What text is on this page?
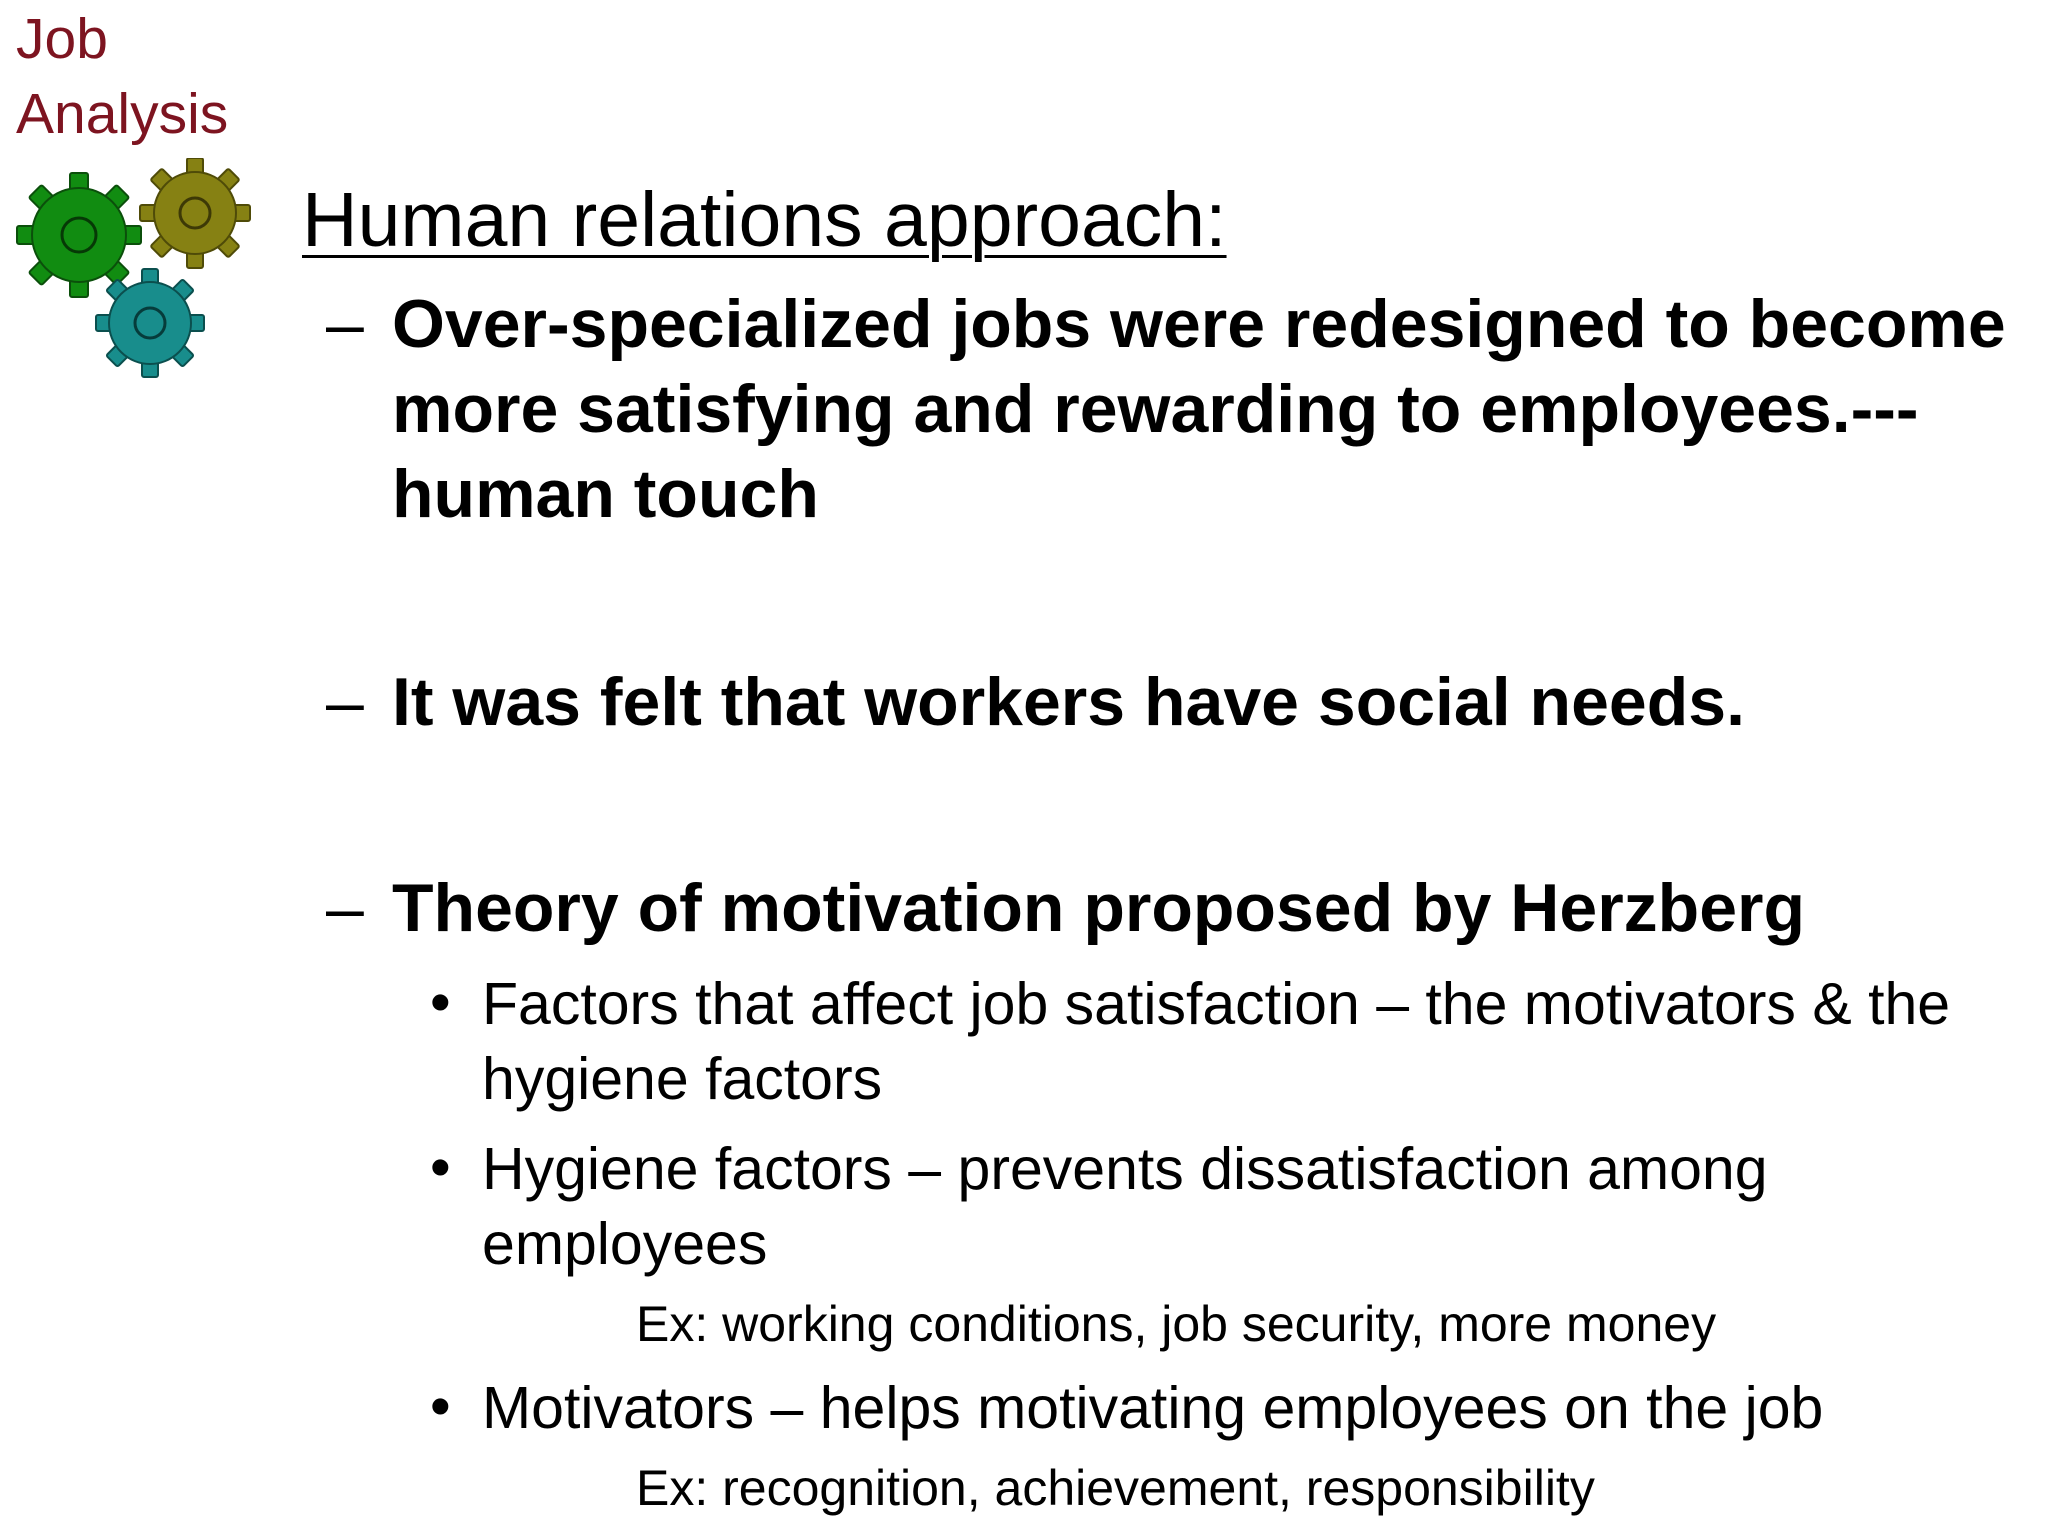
Job
Analysis
Human relations approach:
– Over-specialized jobs were redesigned to become
more satisfying and rewarding to employees.---
human touch
– It was felt that workers have social needs.
– Theory of motivation proposed by Herzberg
• Factors that affect job satisfaction – the motivators & the
hygiene factors
• Hygiene factors – prevents dissatisfaction among
employees
Ex: working conditions, job security, more money
• Motivators – helps motivating employees on the job
Ex: recognition, achievement, responsibility
